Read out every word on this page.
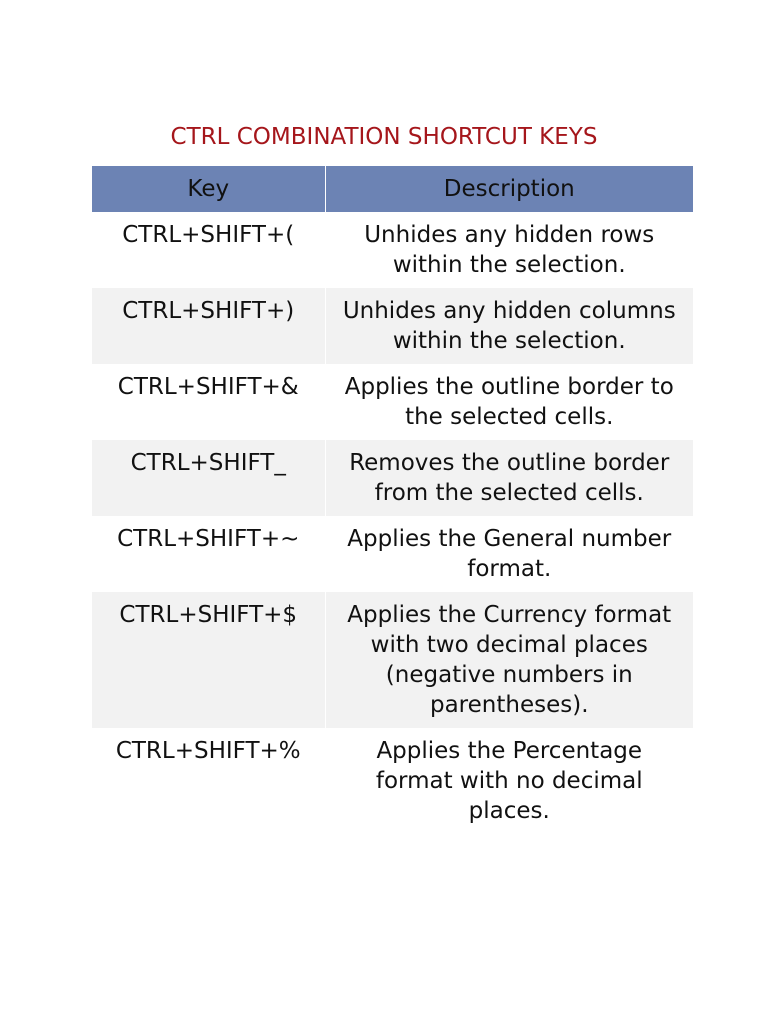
CTRL COMBINATION SHORTCUT KEYS
Key	Description
CTRL+SHIFT+(	Unhides any hidden rows within the selection.
CTRL+SHIFT+)	Unhides any hidden columns within the selection.
CTRL+SHIFT+&	Applies the outline border to the selected cells.
CTRL+SHIFT_	Removes the outline border from the selected cells.
CTRL+SHIFT+~	Applies the General number format.
CTRL+SHIFT+$	Applies the Currency format with two decimal places (negative numbers in parentheses).
CTRL+SHIFT+%	Applies the Percentage format with no decimal places.
